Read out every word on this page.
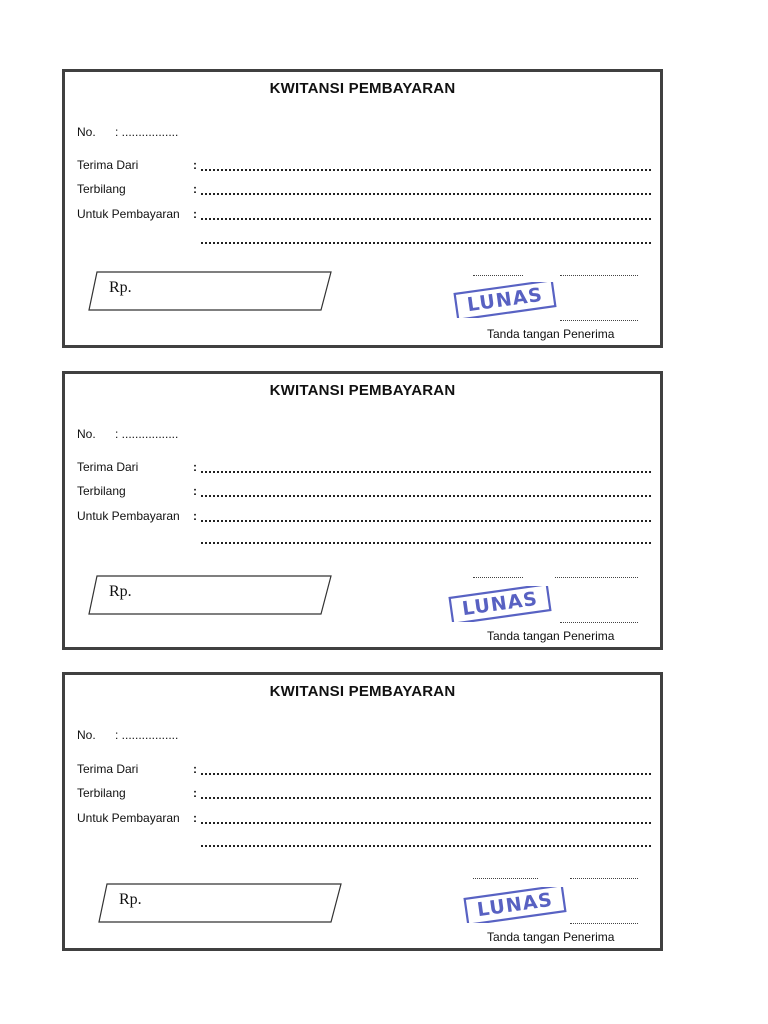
KWITANSI PEMBAYARAN
No. : .................
Terima Dari	:
Terbilang	:
Untuk Pembayaran :
Rp.	LUNAS
Tanda tangan Penerima
KWITANSI PEMBAYARAN
No. : .................
Terima Dari	:
Terbilang	:
Untuk Pembayaran :
Rp.	LUNAS
Tanda tangan Penerima
KWITANSI PEMBAYARAN
No. : .................
Terima Dari	:
Terbilang	:
Untuk Pembayaran :
Rp.	LUNAS
Tanda tangan Penerima
